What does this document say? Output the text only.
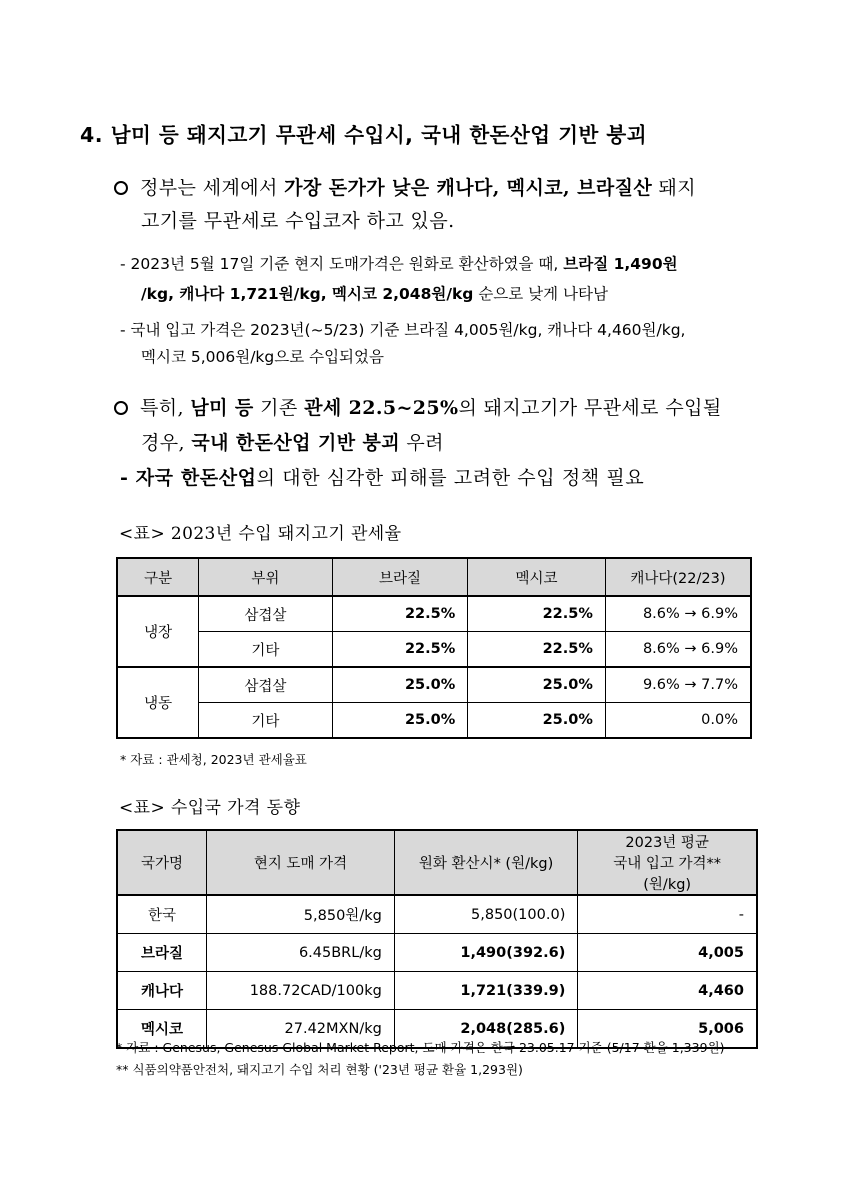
4. 남미 등 돼지고기 무관세 수입시, 국내 한돈산업 기반 붕괴
정부는 세계에서 가장 돈가가 낮은 캐나다, 멕시코, 브라질산 돼지
고기를 무관세로 수입코자 하고 있음.
- 2023년 5월 17일 기준 현지 도매가격은 원화로 환산하였을 때, 브라질 1,490원
/kg, 캐나다 1,721원/kg, 멕시코 2,048원/kg 순으로 낮게 나타남
- 국내 입고 가격은 2023년(~5/23) 기준 브라질 4,005원/kg, 캐나다 4,460원/kg,
멕시코 5,006원/kg으로 수입되었음
특히, 남미 등 기존 관세 22.5~25%의 돼지고기가 무관세로 수입될
경우, 국내 한돈산업 기반 붕괴 우려
- 자국 한돈산업의 대한 심각한 피해를 고려한 수입 정책 필요
<표> 2023년 수입 돼지고기 관세율
구분	부위	브라질	멕시코	캐나다(22/23)
냉장	삼겹살	22.5%	22.5%	8.6% → 6.9%
	기타	22.5%	22.5%	8.6% → 6.9%
냉동	삼겹살	25.0%	25.0%	9.6% → 7.7%
	기타	25.0%	25.0%	0.0%
* 자료 : 관세청, 2023년 관세율표
<표> 수입국 가격 동향
국가명	현지 도매 가격	원화 환산시* (원/kg)	2023년 평균
국내 입고 가격**(원/kg)

한국	5,850원/kg	5,850(100.0)	-
브라질	6.45BRL/kg	1,490(392.6)	4,005
캐나다	188.72CAD/100kg	1,721(339.9)	4,460
멕시코	27.42MXN/kg	2,048(285.6)	5,006
* 자료 : Genesus, Genesus Global Market Report, 도매 가격은 한국 23.05.17 기준 (5/17 환율 1,339원)
** 식품의약품안전처, 돼지고기 수입 처리 현황 ('23년 평균 환율 1,293원)
